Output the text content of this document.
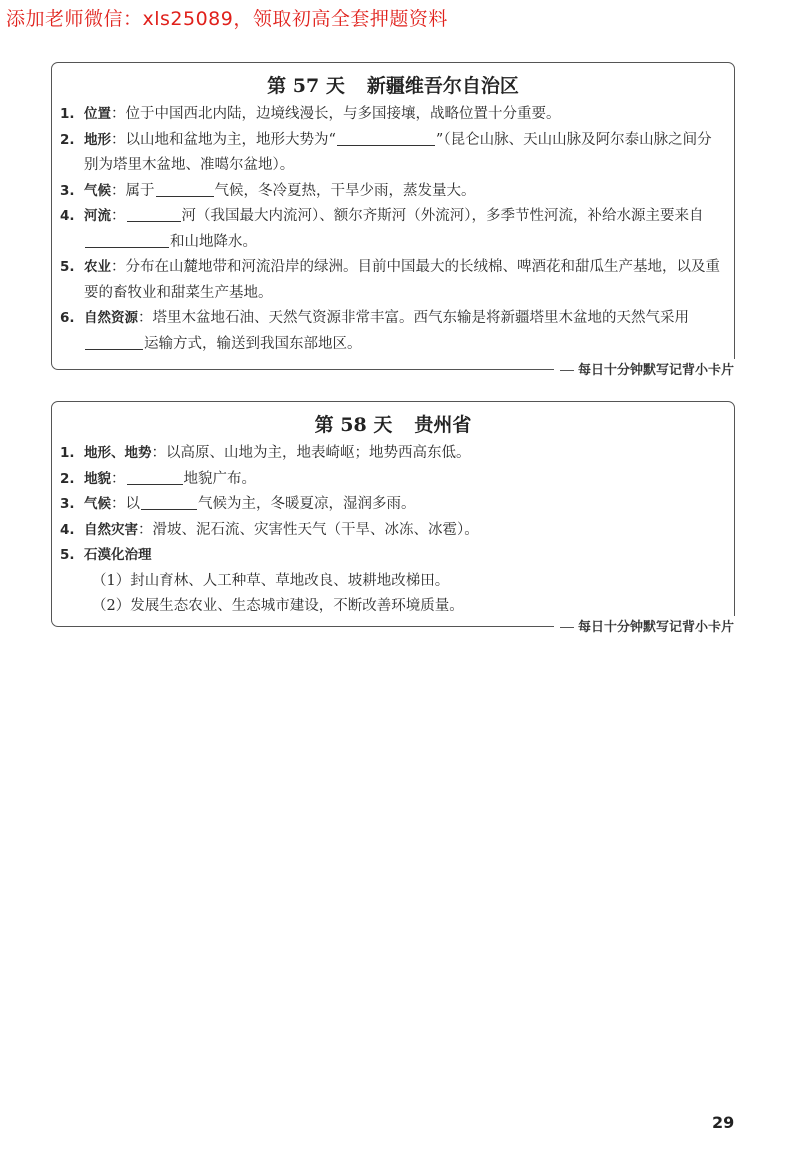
添加老师微信：xls25089，领取初高全套押题资料
第 57 天 新疆维吾尔自治区
1. 位置：位于中国西北内陆，边境线漫长，与多国接壤，战略位置十分重要。
2. 地形：以山地和盆地为主，地形大势为“	”（昆仑山脉、天山山脉及阿尔泰山脉之间分别为塔里木盆地、准噶尔盆地）。
3. 气候：属于	气候，冬冷夏热，干旱少雨，蒸发量大。
4. 河流：	河（我国最大内流河）、额尔齐斯河（外流河），多季节性河流，补给水源主要来自和山地降水。
5. 农业：分布在山麓地带和河流沿岸的绿洲。目前中国最大的长绒棉、啤酒花和甜瓜生产基地，以及重要的畜牧业和甜菜生产基地。
6. 自然资源：塔里木盆地石油、天然气资源非常丰富。西气东输是将新疆塔里木盆地的天然气采用运输方式，输送到我国东部地区。
每日十分钟默写记背小卡片
第 58 天 贵州省
1. 地形、地势：以高原、山地为主，地表崎岖；地势西高东低。
2. 地貌：	地貌广布。
3. 气候：以	气候为主，冬暖夏凉，湿润多雨。
4. 自然灾害：滑坡、泥石流、灾害性天气（干旱、冰冻、冰雹）。
5. 石漠化治理
（1）封山育林、人工种草、草地改良、坡耕地改梯田。
（2）发展生态农业、生态城市建设，不断改善环境质量。
每日十分钟默写记背小卡片
29
